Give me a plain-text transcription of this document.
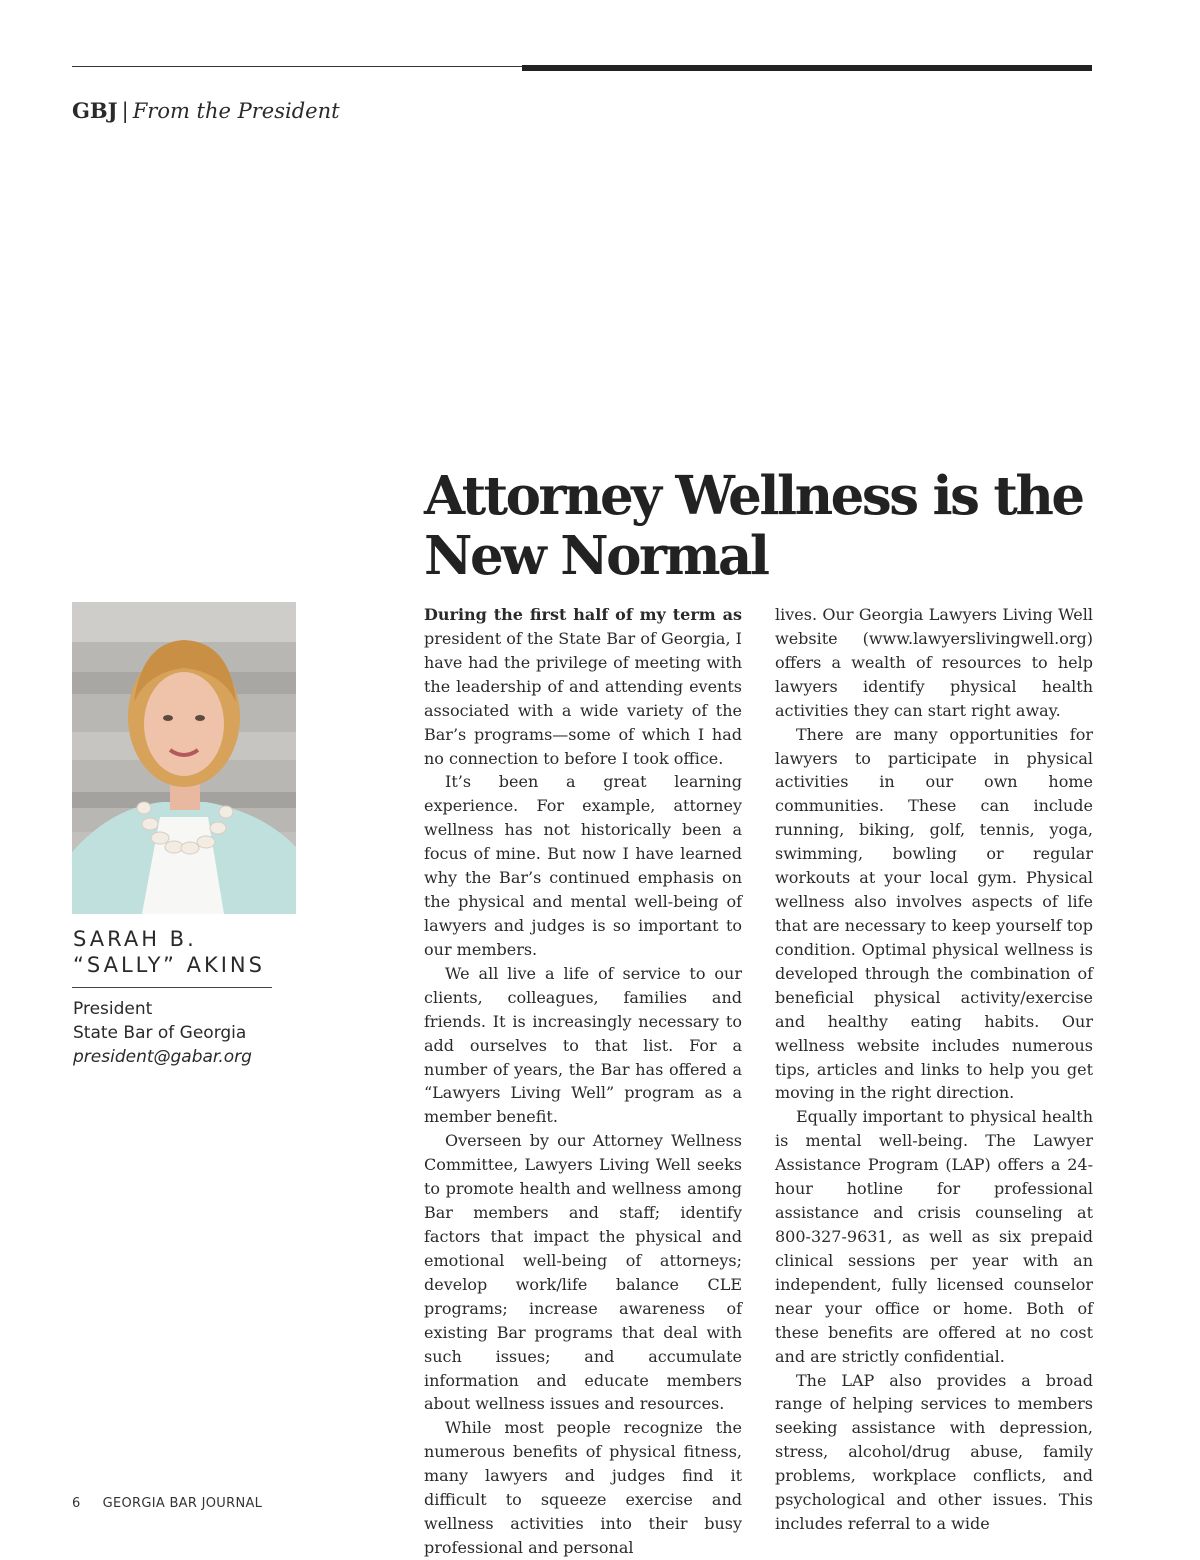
GBJ | From the President
Attorney Wellness is the New Normal
SARAH B.
“SALLY” AKINS
President
State Bar of Georgia
president@gabar.org

During the first half of my term as president of the State Bar of Georgia, I have had the privilege of meeting with the leadership of and attending events associated with a wide variety of the Bar’s programs—some of which I had no connection to before I took office.

It’s been a great learning experience. For example, attorney wellness has not historically been a focus of mine. But now I have learned why the Bar’s continued emphasis on the physical and mental well-being of lawyers and judges is so important to our members.

We all live a life of service to our clients, colleagues, families and friends. It is increasingly necessary to add ourselves to that list. For a number of years, the Bar has offered a “Lawyers Living Well” program as a member benefit.

Overseen by our Attorney Wellness Committee, Lawyers Living Well seeks to promote health and wellness among Bar members and staff; identify factors that impact the physical and emotional well-being of attorneys; develop work/life balance CLE programs; increase awareness of existing Bar programs that deal with such issues; and accumulate information and educate members about wellness issues and resources.

While most people recognize the numerous benefits of physical fitness, many lawyers and judges find it difficult to squeeze exercise and wellness activities into their busy professional and personal

lives. Our Georgia Lawyers Living Well website (www.lawyerslivingwell.org) offers a wealth of resources to help lawyers identify physical health activities they can start right away.

There are many opportunities for lawyers to participate in physical activities in our own home communities. These can include running, biking, golf, tennis, yoga, swimming, bowling or regular workouts at your local gym. Physical wellness also involves aspects of life that are necessary to keep yourself top condition. Optimal physical wellness is developed through the combination of beneficial physical activity/exercise and healthy eating habits. Our wellness website includes numerous tips, articles and links to help you get moving in the right direction.

Equally important to physical health is mental well-being. The Lawyer Assistance Program (LAP) offers a 24-hour hotline for professional assistance and crisis counseling at 800-327-9631, as well as six prepaid clinical sessions per year with an independent, fully licensed counselor near your office or home. Both of these benefits are offered at no cost and are strictly confidential.

The LAP also provides a broad range of helping services to members seeking assistance with depression, stress, alcohol/drug abuse, family problems, workplace conflicts, and psychological and other issues. This includes referral to a wide

6 GEORGIA BAR JOURNAL
